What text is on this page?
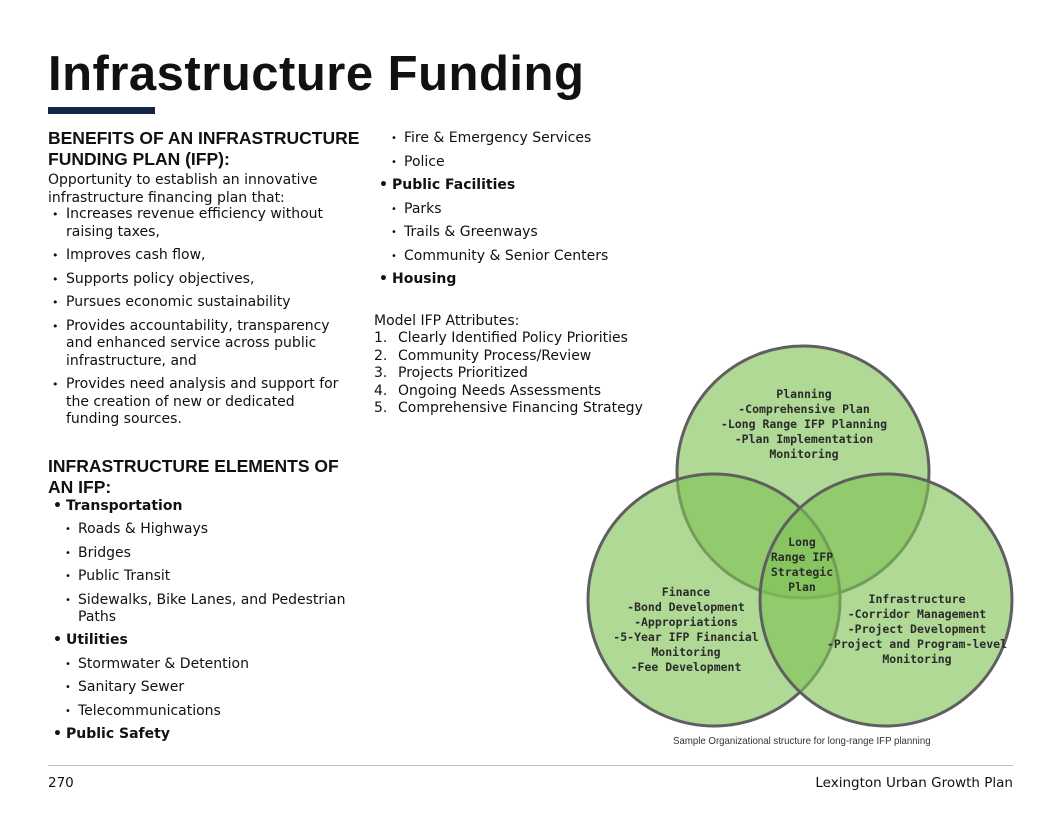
Infrastructure Funding
BENEFITS OF AN INFRASTRUCTURE FUNDING PLAN (IFP):

Opportunity to establish an innovative infrastructure financing plan that:

• Increases revenue efficiency without raising taxes,
• Improves cash flow,
• Supports policy objectives,
• Pursues economic sustainability
• Provides accountability, transparency and enhanced service across public infrastructure, and
• Provides need analysis and support for the creation of new or dedicated funding sources.
INFRASTRUCTURE ELEMENTS OF AN IFP:
• Transportation
• Roads & Highways
• Bridges
• Public Transit
• Sidewalks, Bike Lanes, and Pedestrian Paths
• Utilities
• Stormwater & Detention
• Sanitary Sewer
• Telecommunications
• Public Safety
• Fire & Emergency Services
• Police
• Public Facilities
• Parks
• Trails & Greenways
• Community & Senior Centers
• Housing

Model IFP Attributes:

1. Clearly Identified Policy Priorities
2. Community Process/Review
3. Projects Prioritized
4. Ongoing Needs Assessments
5. Comprehensive Financing Strategy
Planning
-Comprehensive Plan
-Long Range IFP Planning
-Plan Implementation
Monitoring
Long
Range IFP
Strategic
Plan
Finance
-Bond Development
-Appropriations
-5-Year IFP Financial
Monitoring
-Fee Development
Infrastructure
-Corridor Management
-Project Development
-Project and Program-level
Monitoring

Sample Organizational structure for long-range IFP planning

270	Lexington Urban Growth Plan
